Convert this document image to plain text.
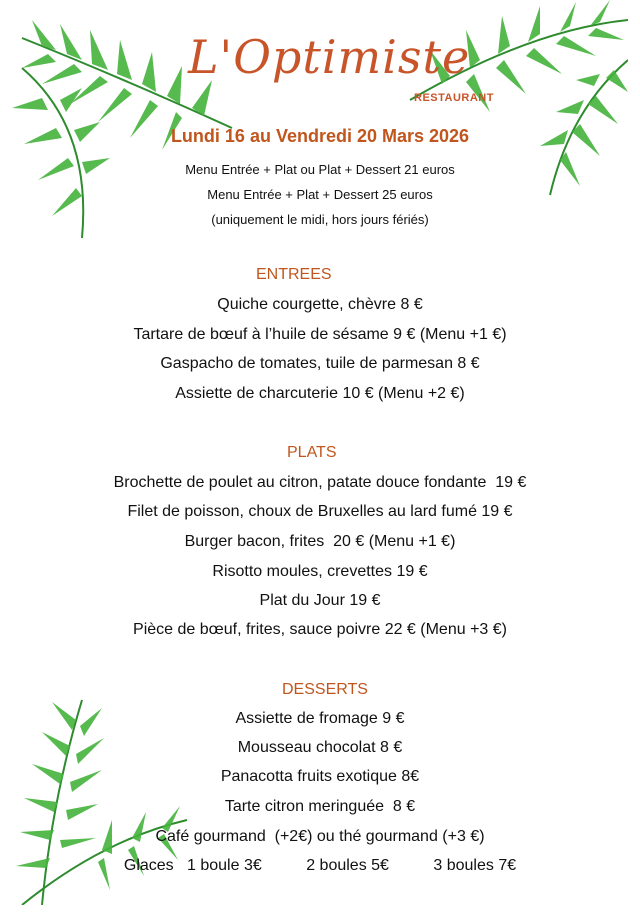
L'Optimiste
RESTAURANT
Lundi 16 au Vendredi 20 Mars 2026
Menu Entrée + Plat ou Plat + Dessert 21 euros
Menu Entrée + Plat + Dessert 25 euros
(uniquement le midi, hors jours fériés)
ENTREES
Quiche courgette, chèvre 8 €
Tartare de bœuf à l’huile de sésame 9 € (Menu +1 €)
Gaspacho de tomates, tuile de parmesan 8 €
Assiette de charcuterie 10 € (Menu +2 €)
PLATS
Brochette de poulet au citron, patate douce fondante  19 €
Filet de poisson, choux de Bruxelles au lard fumé 19 €
Burger bacon, frites  20 € (Menu +1 €)
Risotto moules, crevettes 19 €
Plat du Jour 19 €
Pièce de bœuf, frites, sauce poivre 22 € (Menu +3 €)
DESSERTS
Assiette de fromage 9 €
Mousseau chocolat 8 €
Panacotta fruits exotique 8€
Tarte citron meringuée  8 €
Café gourmand  (+2€) ou thé gourmand (+3 €)
Glaces   1 boule 3€          2 boules 5€          3 boules 7€
